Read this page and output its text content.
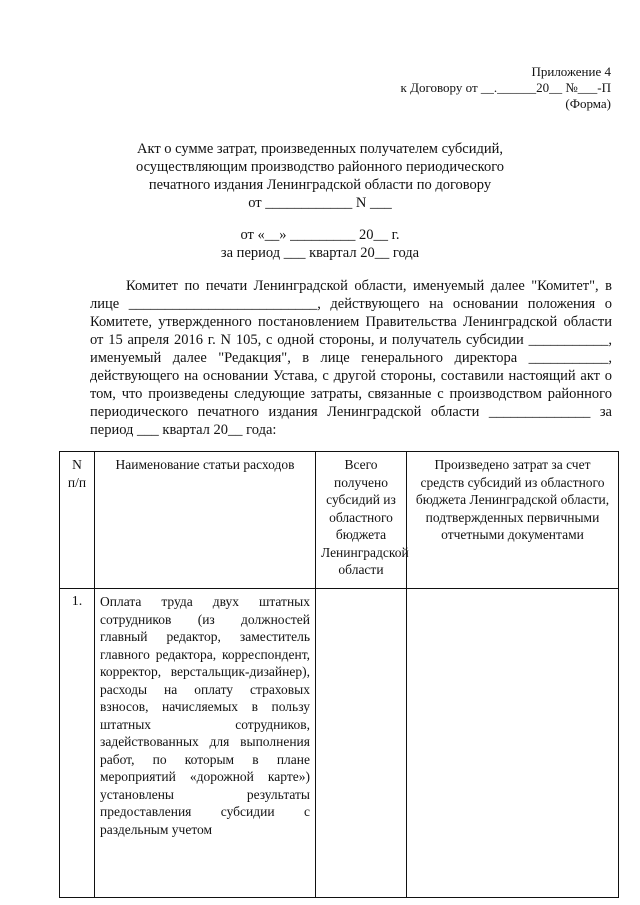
Приложение 4
к Договору от __.______20__ №___-П
(Форма)
Акт о сумме затрат, произведенных получателем субсидий,
осуществляющим производство районного периодического
печатного издания Ленинградской области по договору
от ____________ N ___
от «__» _________ 20__ г.
за период ___ квартал 20__ года

Комитет по печати Ленинградской области, именуемый далее "Комитет", в лице __________________________, действующего на основании положения о Комитете, утвержденного постановлением Правительства Ленинградской области от 15 апреля 2016 г. N 105, с одной стороны, и получатель субсидии ___________, именуемый далее "Редакция", в лице генерального директора ___________, действующего на основании Устава, с другой стороны, составили настоящий акт о том, что произведены следующие затраты, связанные с производством районного периодического печатного издания Ленинградской области ______________ за период ___ квартал 20__ года:

N п/п	Наименование статьи расходов	Всего получено субсидий из областного бюджета Ленинградской области	Произведено затрат за счет средств субсидий из областного бюджета Ленинградской области, подтвержденных первичными отчетными документами
1.	Оплата труда двух штатных сотрудников (из должностей главный редактор, заместитель главного редактора, корреспондент, корректор, верстальщик-дизайнер), расходы на оплату страховых взносов, начисляемых в пользу штатных сотрудников, задействованных для выполнения работ, по которым в плане мероприятий «дорожной карте») установлены результаты предоставления субсидии с раздельным учетом		
